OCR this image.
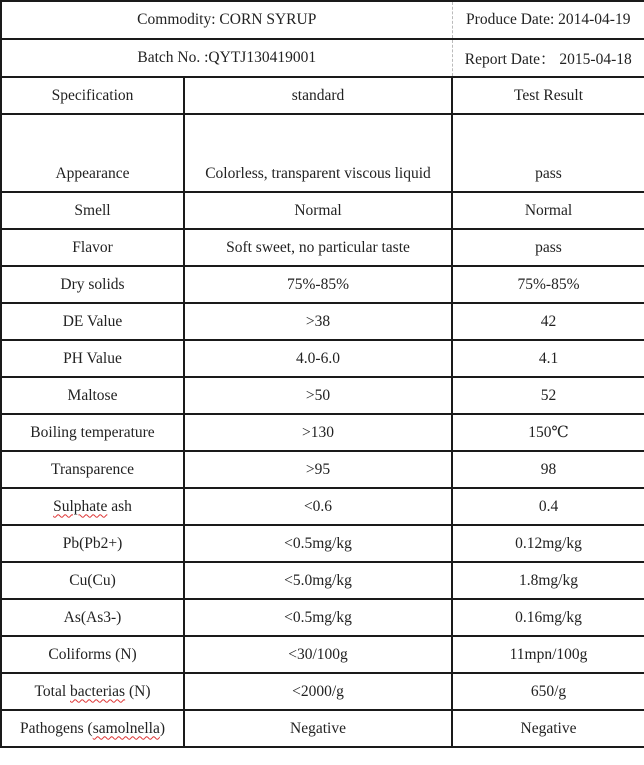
Commodity: CORN SYRUP		Produce Date: 2014-04-19
Batch No. :QYTJ130419001		Report Date： 2015-04-18
Specification	standard	Test Result
Appearance	Colorless, transparent viscous liquid	pass
Smell	Normal	Normal
Flavor	Soft sweet, no particular taste	pass
Dry solids	75%-85%	75%-85%
DE Value	>38	42
PH Value	4.0-6.0	4.1
Maltose	>50	52
Boiling temperature	>130	150℃
Transparence	>95	98
Sulphate ash	<0.6	0.4
Pb(Pb2+)	<0.5mg/kg	0.12mg/kg
Cu(Cu)	<5.0mg/kg	1.8mg/kg
As(As3-)	<0.5mg/kg	0.16mg/kg
Coliforms (N)	<30/100g	11mpn/100g
Total bacterias (N)	<2000/g	650/g
Pathogens (samolnella)	Negative	Negative
